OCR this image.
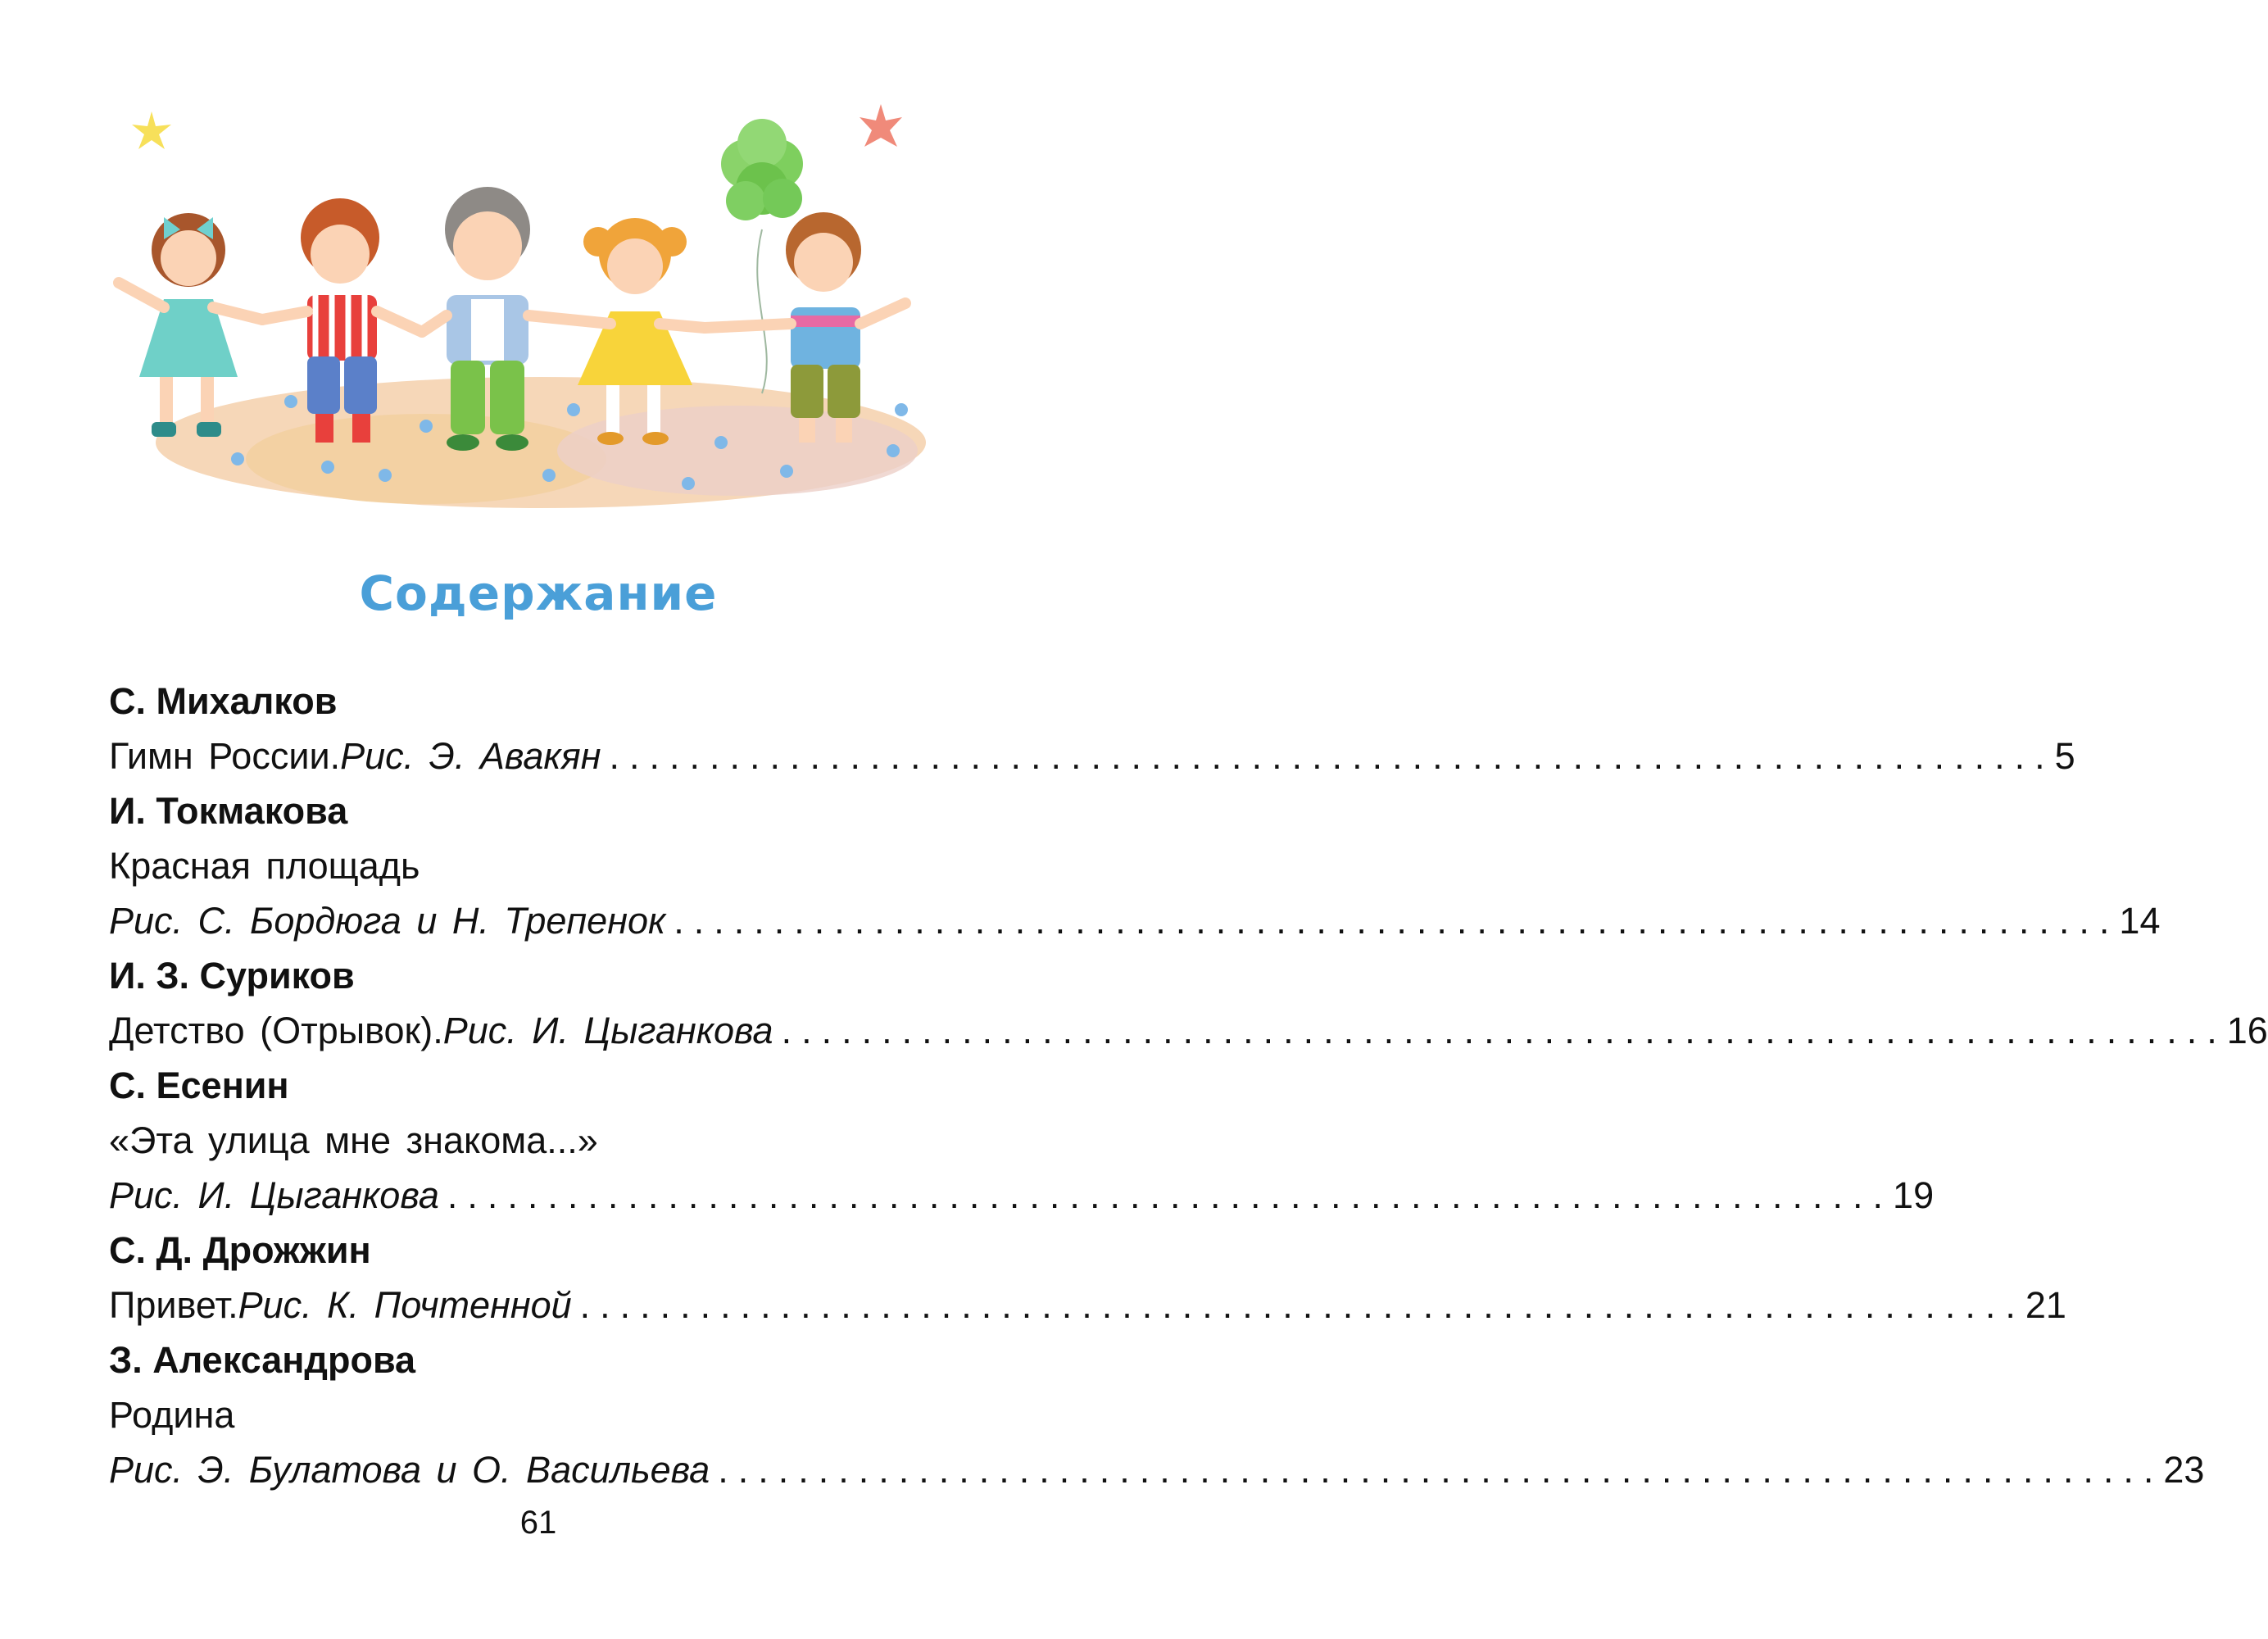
Содержание
С. Михалков
Гимн России. Рис. Э. Авакян ........................................................................ 5
И. Токмакова
Красная площадь
Рис. С. Бордюга и Н. Трепенок ........................................................................ 14
И. З. Суриков
Детство (Отрывок). Рис. И. Цыганкова ........................................................................ 16
С. Есенин
«Эта улица мне знакома...»
Рис. И. Цыганкова ........................................................................ 19
С. Д. Дрожжин
Привет. Рис. К. Почтенной ........................................................................ 21
З. Александрова
Родина
Рис. Э. Булатова и О. Васильева ........................................................................ 23
61
